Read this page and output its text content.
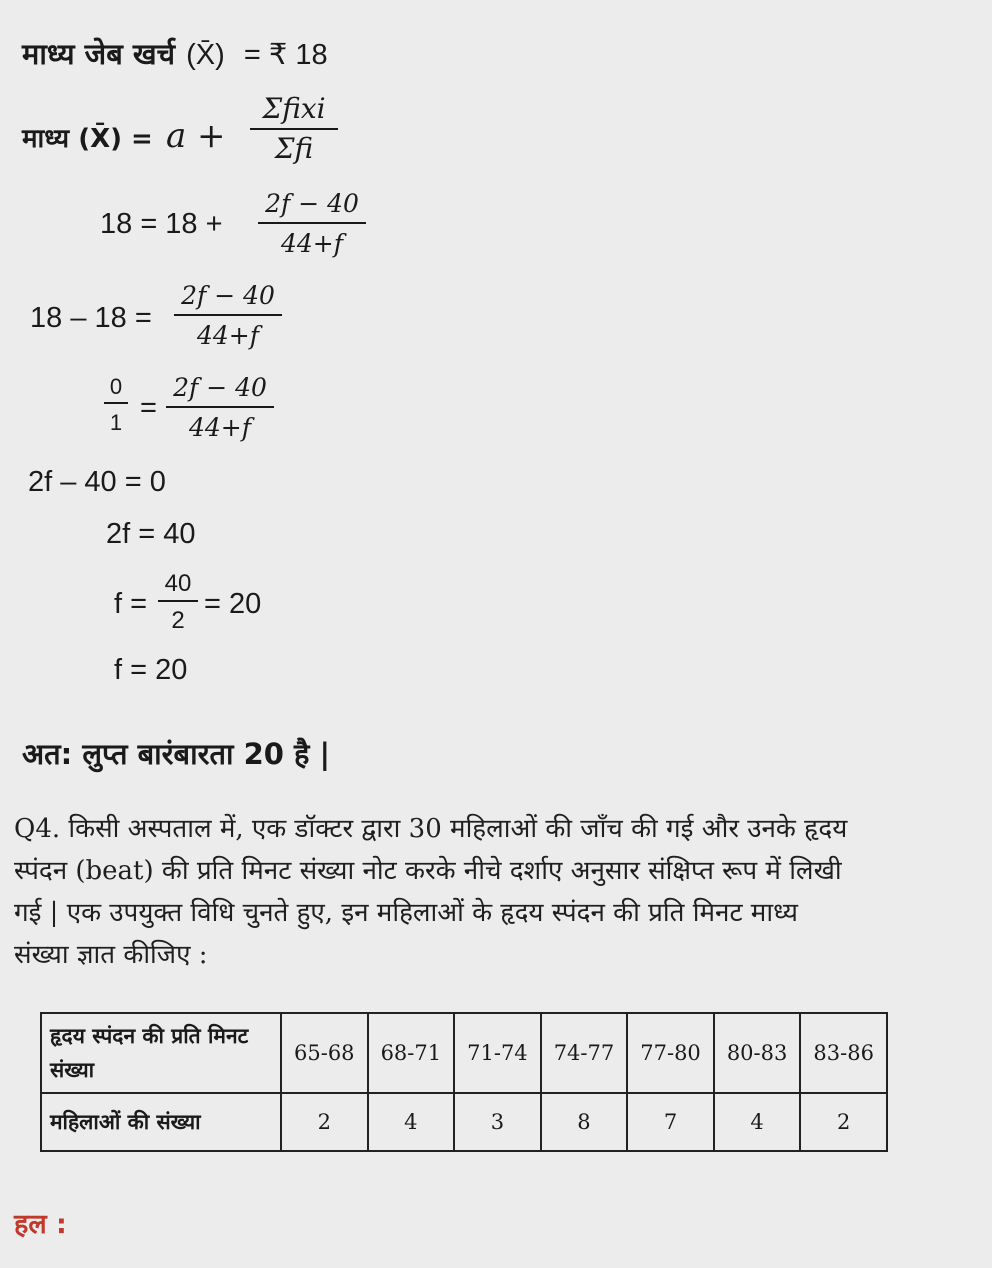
माध्य जेब खर्च (X̄) = ₹ 18
माध्य (X̄) = a +
Σfixi
Σfi
18 = 18 +
2f − 40
44+f
18 – 18 =
2f − 40
44+f
0
1 =
2f − 40
44+f
2f – 40 = 0
2f = 40
f =
40
2
= 20
f = 20
अत: लुप्त बारंबारता 20 है |
Q4. किसी अस्पताल में, एक डॉक्टर द्वारा 30 महिलाओं की जाँच की गई और उनके हृदय
स्पंदन (beat) की प्रति मिनट संख्या नोट करके नीचे दर्शाए अनुसार संक्षिप्त रूप में लिखी
गई | एक उपयुक्त विधि चुनते हुए, इन महिलाओं के हृदय स्पंदन की प्रति मिनट माध्य
संख्या ज्ञात कीजिए :
हृदय स्पंदन की प्रति मिनट संख्या	65-68	68-71	71-74	74-77	77-80	80-83	83-86
महिलाओं की संख्या	2	4	3	8	7	4	2
हल :
